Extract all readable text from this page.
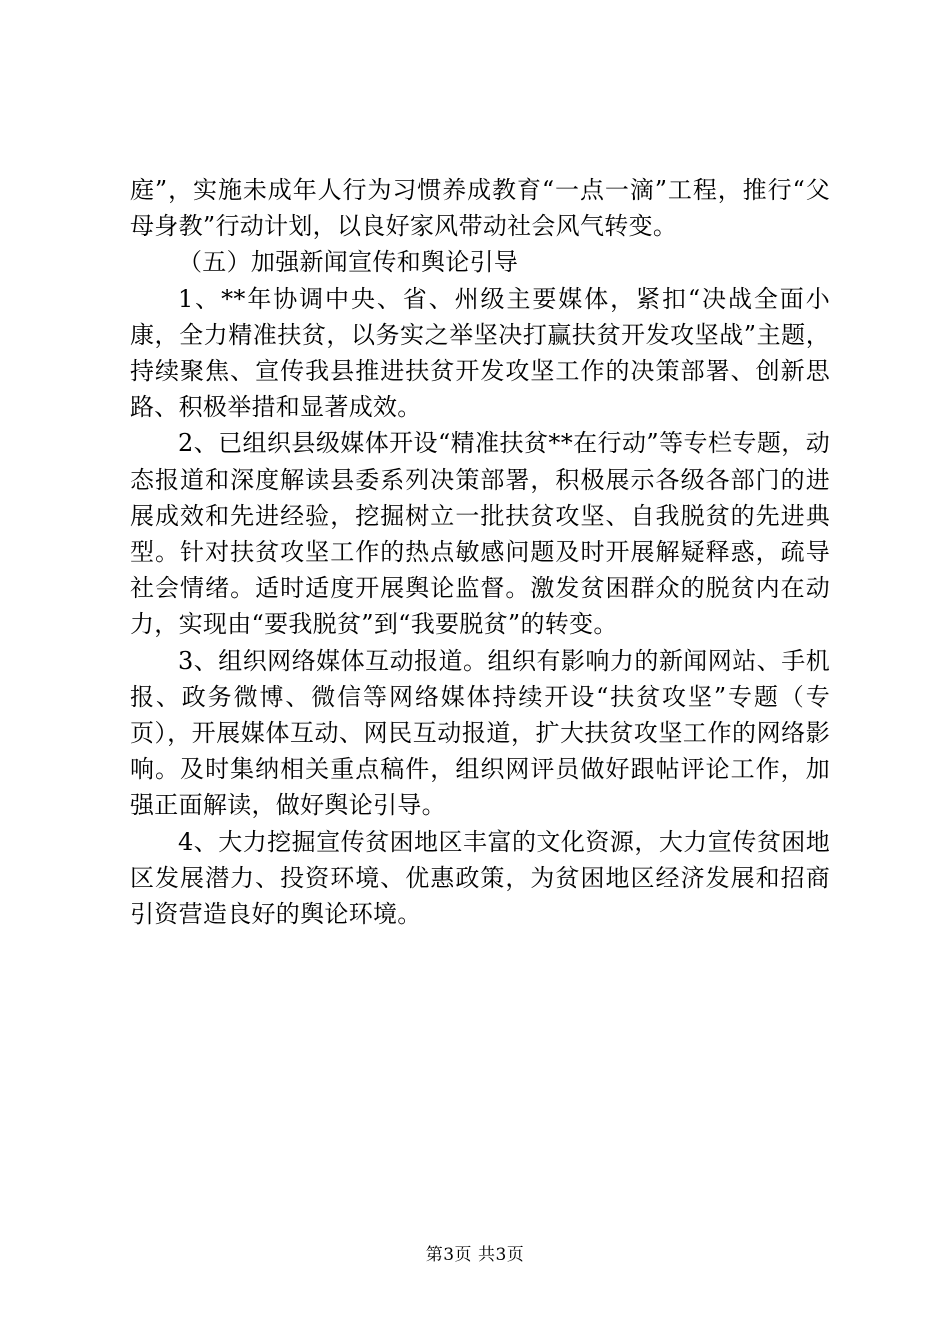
庭”，实施未成年人行为习惯养成教育“一点一滴”工程，推行“父母身教”行动计划，以良好家风带动社会风气转变。

（五）加强新闻宣传和舆论引导

1、**年协调中央、省、州级主要媒体，紧扣“决战全面小康，全力精准扶贫，以务实之举坚决打赢扶贫开发攻坚战”主题，持续聚焦、宣传我县推进扶贫开发攻坚工作的决策部署、创新思路、积极举措和显著成效。

2、已组织县级媒体开设“精准扶贫**在行动”等专栏专题，动态报道和深度解读县委系列决策部署，积极展示各级各部门的进展成效和先进经验，挖掘树立一批扶贫攻坚、自我脱贫的先进典型。针对扶贫攻坚工作的热点敏感问题及时开展解疑释惑，疏导社会情绪。适时适度开展舆论监督。激发贫困群众的脱贫内在动力，实现由“要我脱贫”到“我要脱贫”的转变。

3、组织网络媒体互动报道。组织有影响力的新闻网站、手机报、政务微博、微信等网络媒体持续开设“扶贫攻坚”专题（专页），开展媒体互动、网民互动报道，扩大扶贫攻坚工作的网络影响。及时集纳相关重点稿件，组织网评员做好跟帖评论工作，加强正面解读，做好舆论引导。

4、大力挖掘宣传贫困地区丰富的文化资源，大力宣传贫困地区发展潜力、投资环境、优惠政策，为贫困地区经济发展和招商引资营造良好的舆论环境。

第3页 共3页
